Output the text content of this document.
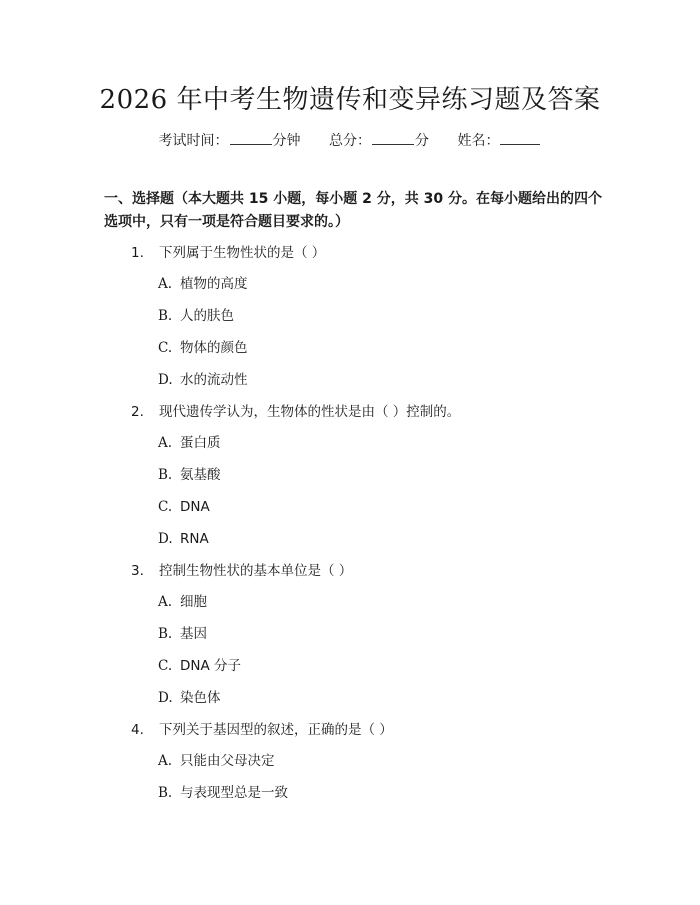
2026 年中考生物遗传和变异练习题及答案
考试时间：	分钟 总分：	分 姓名：
一、选择题（本大题共 15 小题，每小题 2 分，共 30 分。在每小题给出的四个选项中，只有一项是符合题目要求的。）
1. 下列属于生物性状的是（ ）
A. 植物的高度
B. 人的肤色
C. 物体的颜色
D. 水的流动性
2. 现代遗传学认为，生物体的性状是由（ ）控制的。
A. 蛋白质
B. 氨基酸
C. DNA
D. RNA
3. 控制生物性状的基本单位是（ ）
A. 细胞
B. 基因
C. DNA 分子
D. 染色体
4. 下列关于基因型的叙述，正确的是（ ）
A. 只能由父母决定
B. 与表现型总是一致
